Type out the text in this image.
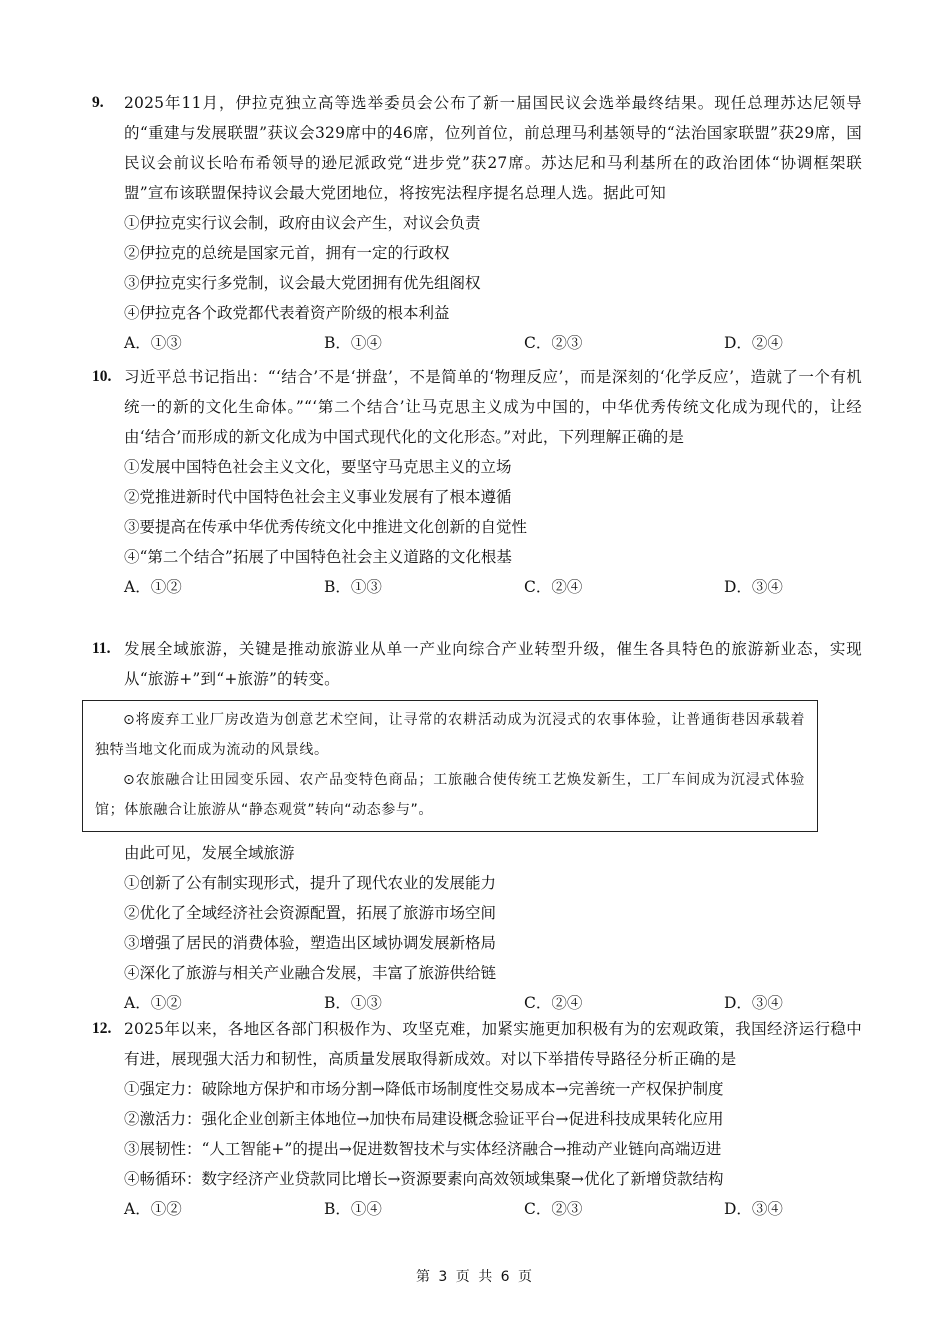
9.	2025年11月，伊拉克独立高等选举委员会公布了新一届国民议会选举最终结果。现任总理苏达尼领导的“重建与发展联盟”获议会329席中的46席，位列首位，前总理马利基领导的“法治国家联盟”获29席，国民议会前议长哈布希领导的逊尼派政党“进步党”获27席。苏达尼和马利基所在的政治团体“协调框架联盟”宣布该联盟保持议会最大党团地位，将按宪法程序提名总理人选。据此可知
①伊拉克实行议会制，政府由议会产生，对议会负责
②伊拉克的总统是国家元首，拥有一定的行政权
③伊拉克实行多党制，议会最大党团拥有优先组阁权
④伊拉克各个政党都代表着资产阶级的根本利益
A．①③	B．①④	C．②③	D．②④
10. 习近平总书记指出：“‘结合’不是‘拼盘’，不是简单的‘物理反应’，而是深刻的‘化学反应’，造就了一个有机统一的新的文化生命体。”“‘第二个结合’让马克思主义成为中国的，中华优秀传统文化成为现代的，让经由‘结合’而形成的新文化成为中国式现代化的文化形态。”对此，下列理解正确的是
①发展中国特色社会主义文化，要坚守马克思主义的立场
②党推进新时代中国特色社会主义事业发展有了根本遵循
③要提高在传承中华优秀传统文化中推进文化创新的自觉性
④“第二个结合”拓展了中国特色社会主义道路的文化根基
A．①②	B．①③	C．②④	D．③④
11. 发展全域旅游，关键是推动旅游业从单一产业向综合产业转型升级，催生各具特色的旅游新业态，实现从“旅游+”到“+旅游”的转变。

⊙将废弃工业厂房改造为创意艺术空间，让寻常的农耕活动成为沉浸式的农事体验，让普通街巷因承载着独特当地文化而成为流动的风景线。

⊙农旅融合让田园变乐园、农产品变特色商品；工旅融合使传统工艺焕发新生，工厂车间成为沉浸式体验馆；体旅融合让旅游从“静态观赏”转向“动态参与”。

由此可见，发展全域旅游
①创新了公有制实现形式，提升了现代农业的发展能力
②优化了全域经济社会资源配置，拓展了旅游市场空间
③增强了居民的消费体验，塑造出区域协调发展新格局
④深化了旅游与相关产业融合发展，丰富了旅游供给链
A．①②	B．①③	C．②④	D．③④
12. 2025年以来，各地区各部门积极作为、攻坚克难，加紧实施更加积极有为的宏观政策，我国经济运行稳中有进，展现强大活力和韧性，高质量发展取得新成效。对以下举措传导路径分析正确的是
①强定力：破除地方保护和市场分割→降低市场制度性交易成本→完善统一产权保护制度
②激活力：强化企业创新主体地位→加快布局建设概念验证平台→促进科技成果转化应用
③展韧性：“人工智能+”的提出→促进数智技术与实体经济融合→推动产业链向高端迈进
④畅循环：数字经济产业贷款同比增长→资源要素向高效领域集聚→优化了新增贷款结构
A．①②	B．①④	C．②③	D．③④
第 3 页 共 6 页
